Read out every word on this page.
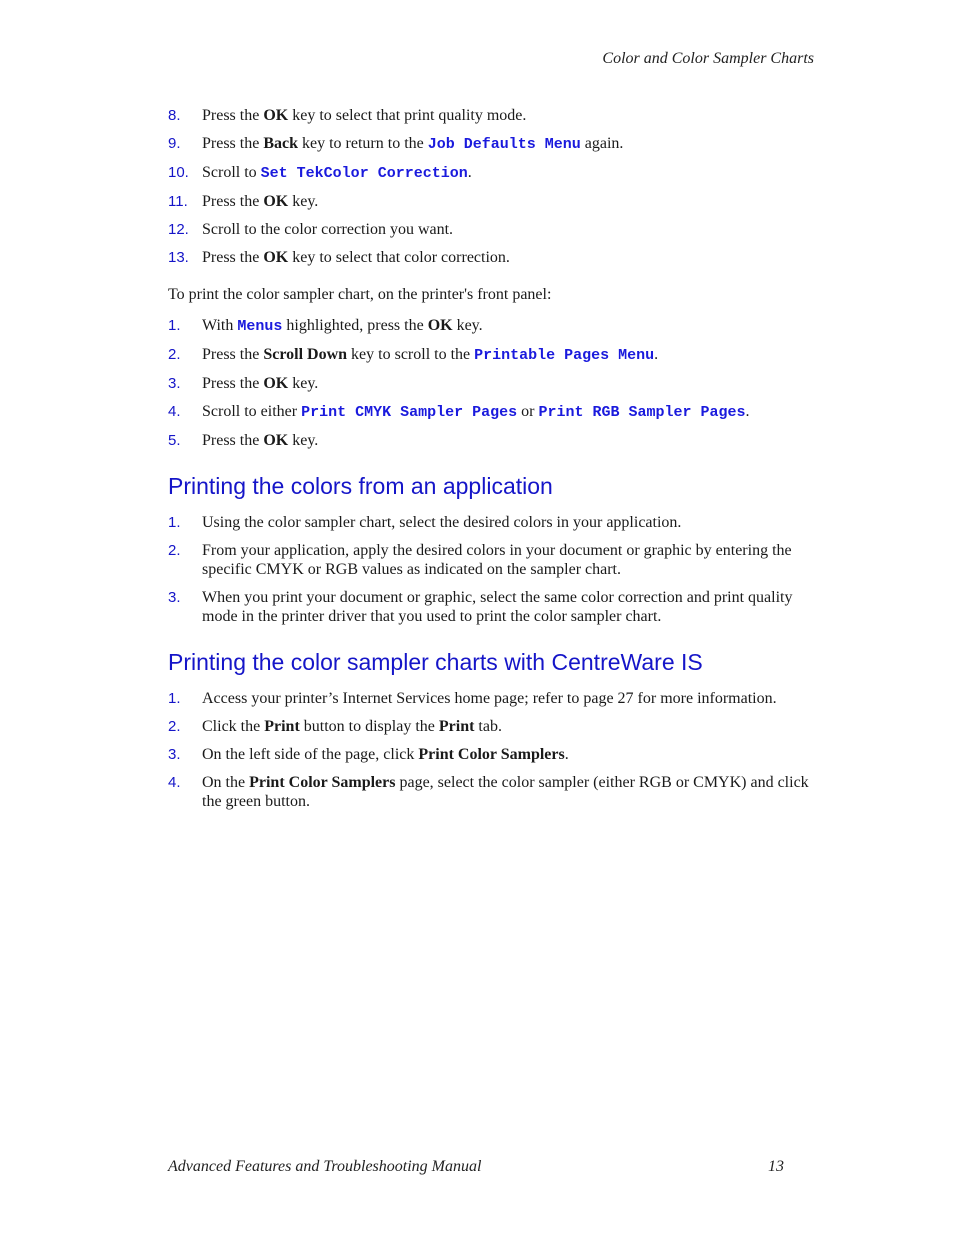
Color and Color Sampler Charts
8.	Press the OK key to select that print quality mode.
9.	Press the Back key to return to the Job Defaults Menu again.
10. Scroll to Set TekColor Correction.
11. Press the OK key.
12. Scroll to the color correction you want.
13. Press the OK key to select that color correction.

To print the color sampler chart, on the printer's front panel:

1.	With Menus highlighted, press the OK key.
2.	Press the Scroll Down key to scroll to the Printable Pages Menu.
3.	Press the OK key.
4.	Scroll to either Print CMYK Sampler Pages or Print RGB Sampler Pages.
5.	Press the OK key.
Printing the colors from an application
1.	Using the color sampler chart, select the desired colors in your application.
2.	From your application, apply the desired colors in your document or graphic by entering the specific CMYK or RGB values as indicated on the sampler chart.
3.	When you print your document or graphic, select the same color correction and print quality mode in the printer driver that you used to print the color sampler chart.
Printing the color sampler charts with CentreWare IS
1.	Access your printer’s Internet Services home page; refer to page 27 for more information.
2.	Click the Print button to display the Print tab.
3.	On the left side of the page, click Print Color Samplers.
4.	On the Print Color Samplers page, select the color sampler (either RGB or CMYK) and click the green button.
Advanced Features and Troubleshooting Manual	13
